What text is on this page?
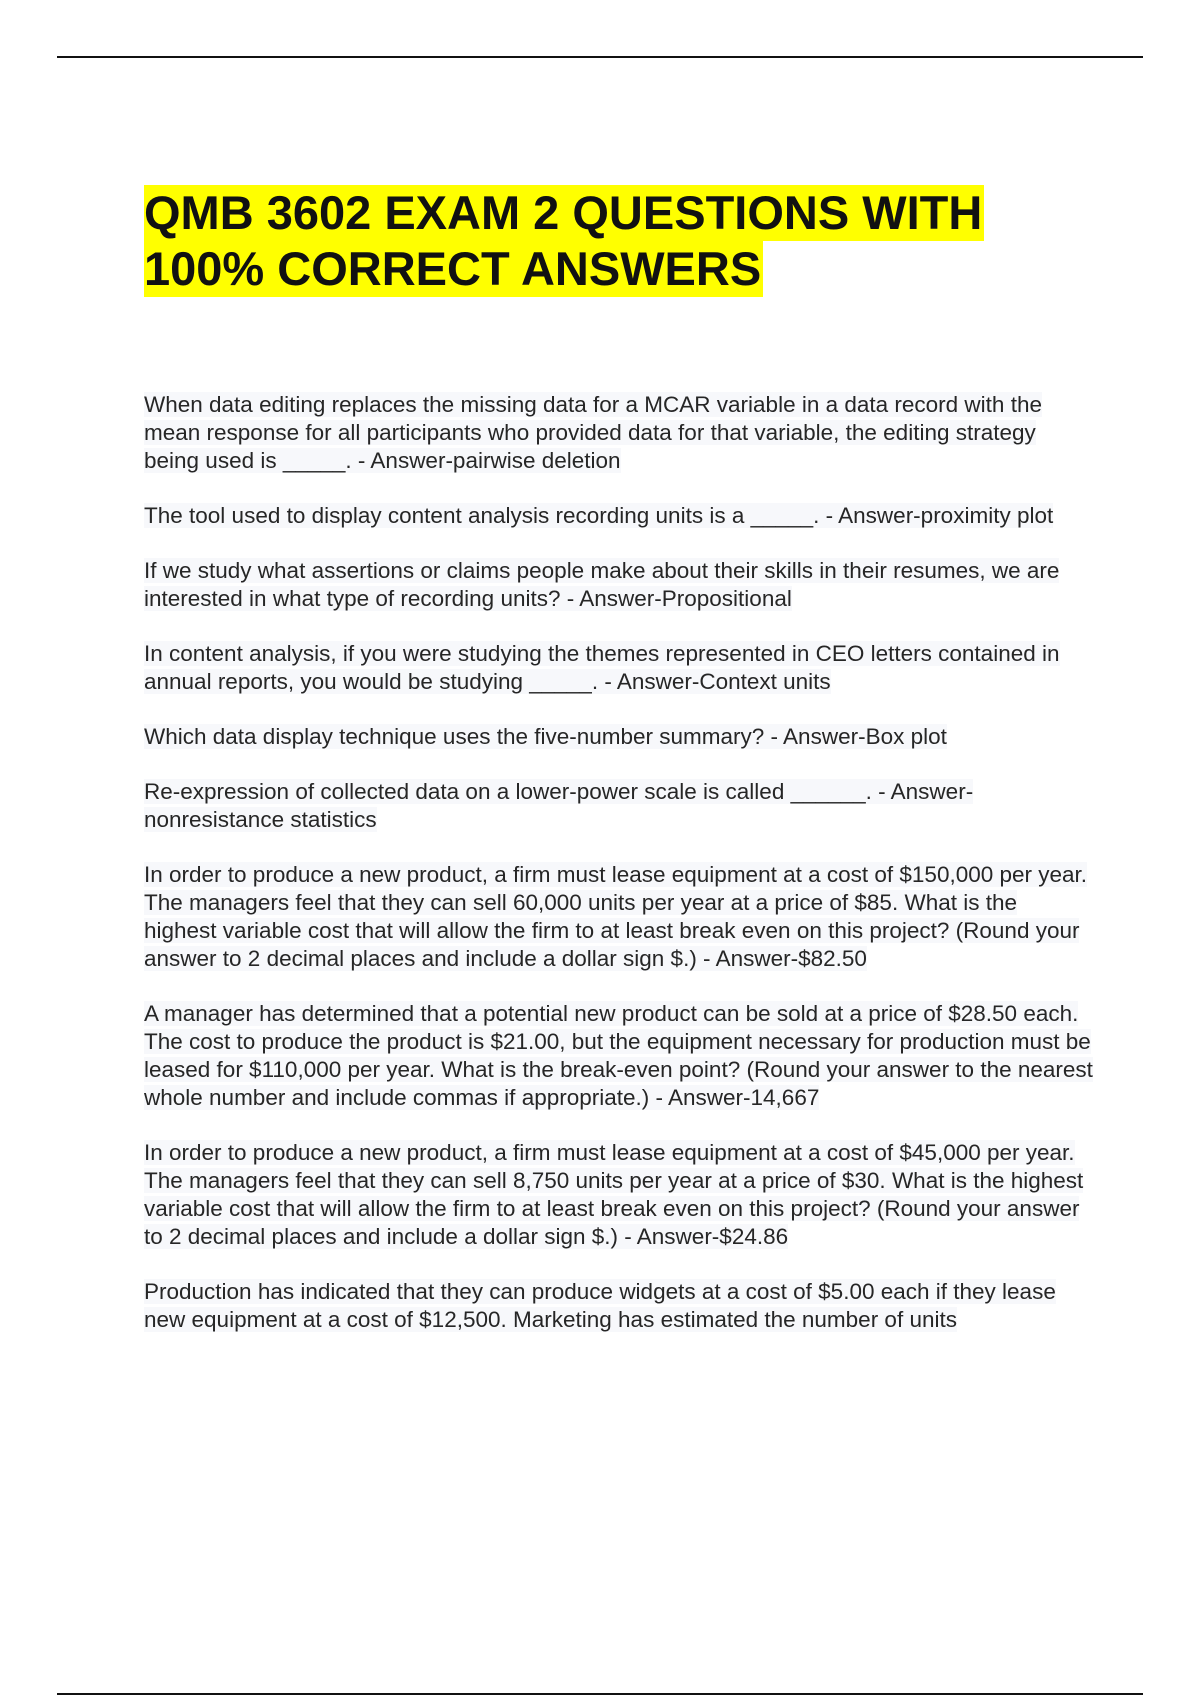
QMB 3602 EXAM 2 QUESTIONS WITH
100% CORRECT ANSWERS

When data editing replaces the missing data for a MCAR variable in a data record with the mean response for all participants who provided data for that variable, the editing strategy being used is _____. - Answer-pairwise deletion

The tool used to display content analysis recording units is a _____. - Answer-proximity plot

If we study what assertions or claims people make about their skills in their resumes, we are interested in what type of recording units? - Answer-Propositional

In content analysis, if you were studying the themes represented in CEO letters contained in annual reports, you would be studying _____. - Answer-Context units

Which data display technique uses the five-number summary? - Answer-Box plot

Re-expression of collected data on a lower-power scale is called ______. - Answer-nonresistance statistics

In order to produce a new product, a firm must lease equipment at a cost of $150,000 per year. The managers feel that they can sell 60,000 units per year at a price of $85. What is the highest variable cost that will allow the firm to at least break even on this project? (Round your answer to 2 decimal places and include a dollar sign $.) - Answer-$82.50

A manager has determined that a potential new product can be sold at a price of $28.50 each. The cost to produce the product is $21.00, but the equipment necessary for production must be leased for $110,000 per year. What is the break-even point? (Round your answer to the nearest whole number and include commas if appropriate.) - Answer-14,667

In order to produce a new product, a firm must lease equipment at a cost of $45,000 per year. The managers feel that they can sell 8,750 units per year at a price of $30. What is the highest variable cost that will allow the firm to at least break even on this project? (Round your answer to 2 decimal places and include a dollar sign $.) - Answer-$24.86

Production has indicated that they can produce widgets at a cost of $5.00 each if they lease new equipment at a cost of $12,500. Marketing has estimated the number of units
